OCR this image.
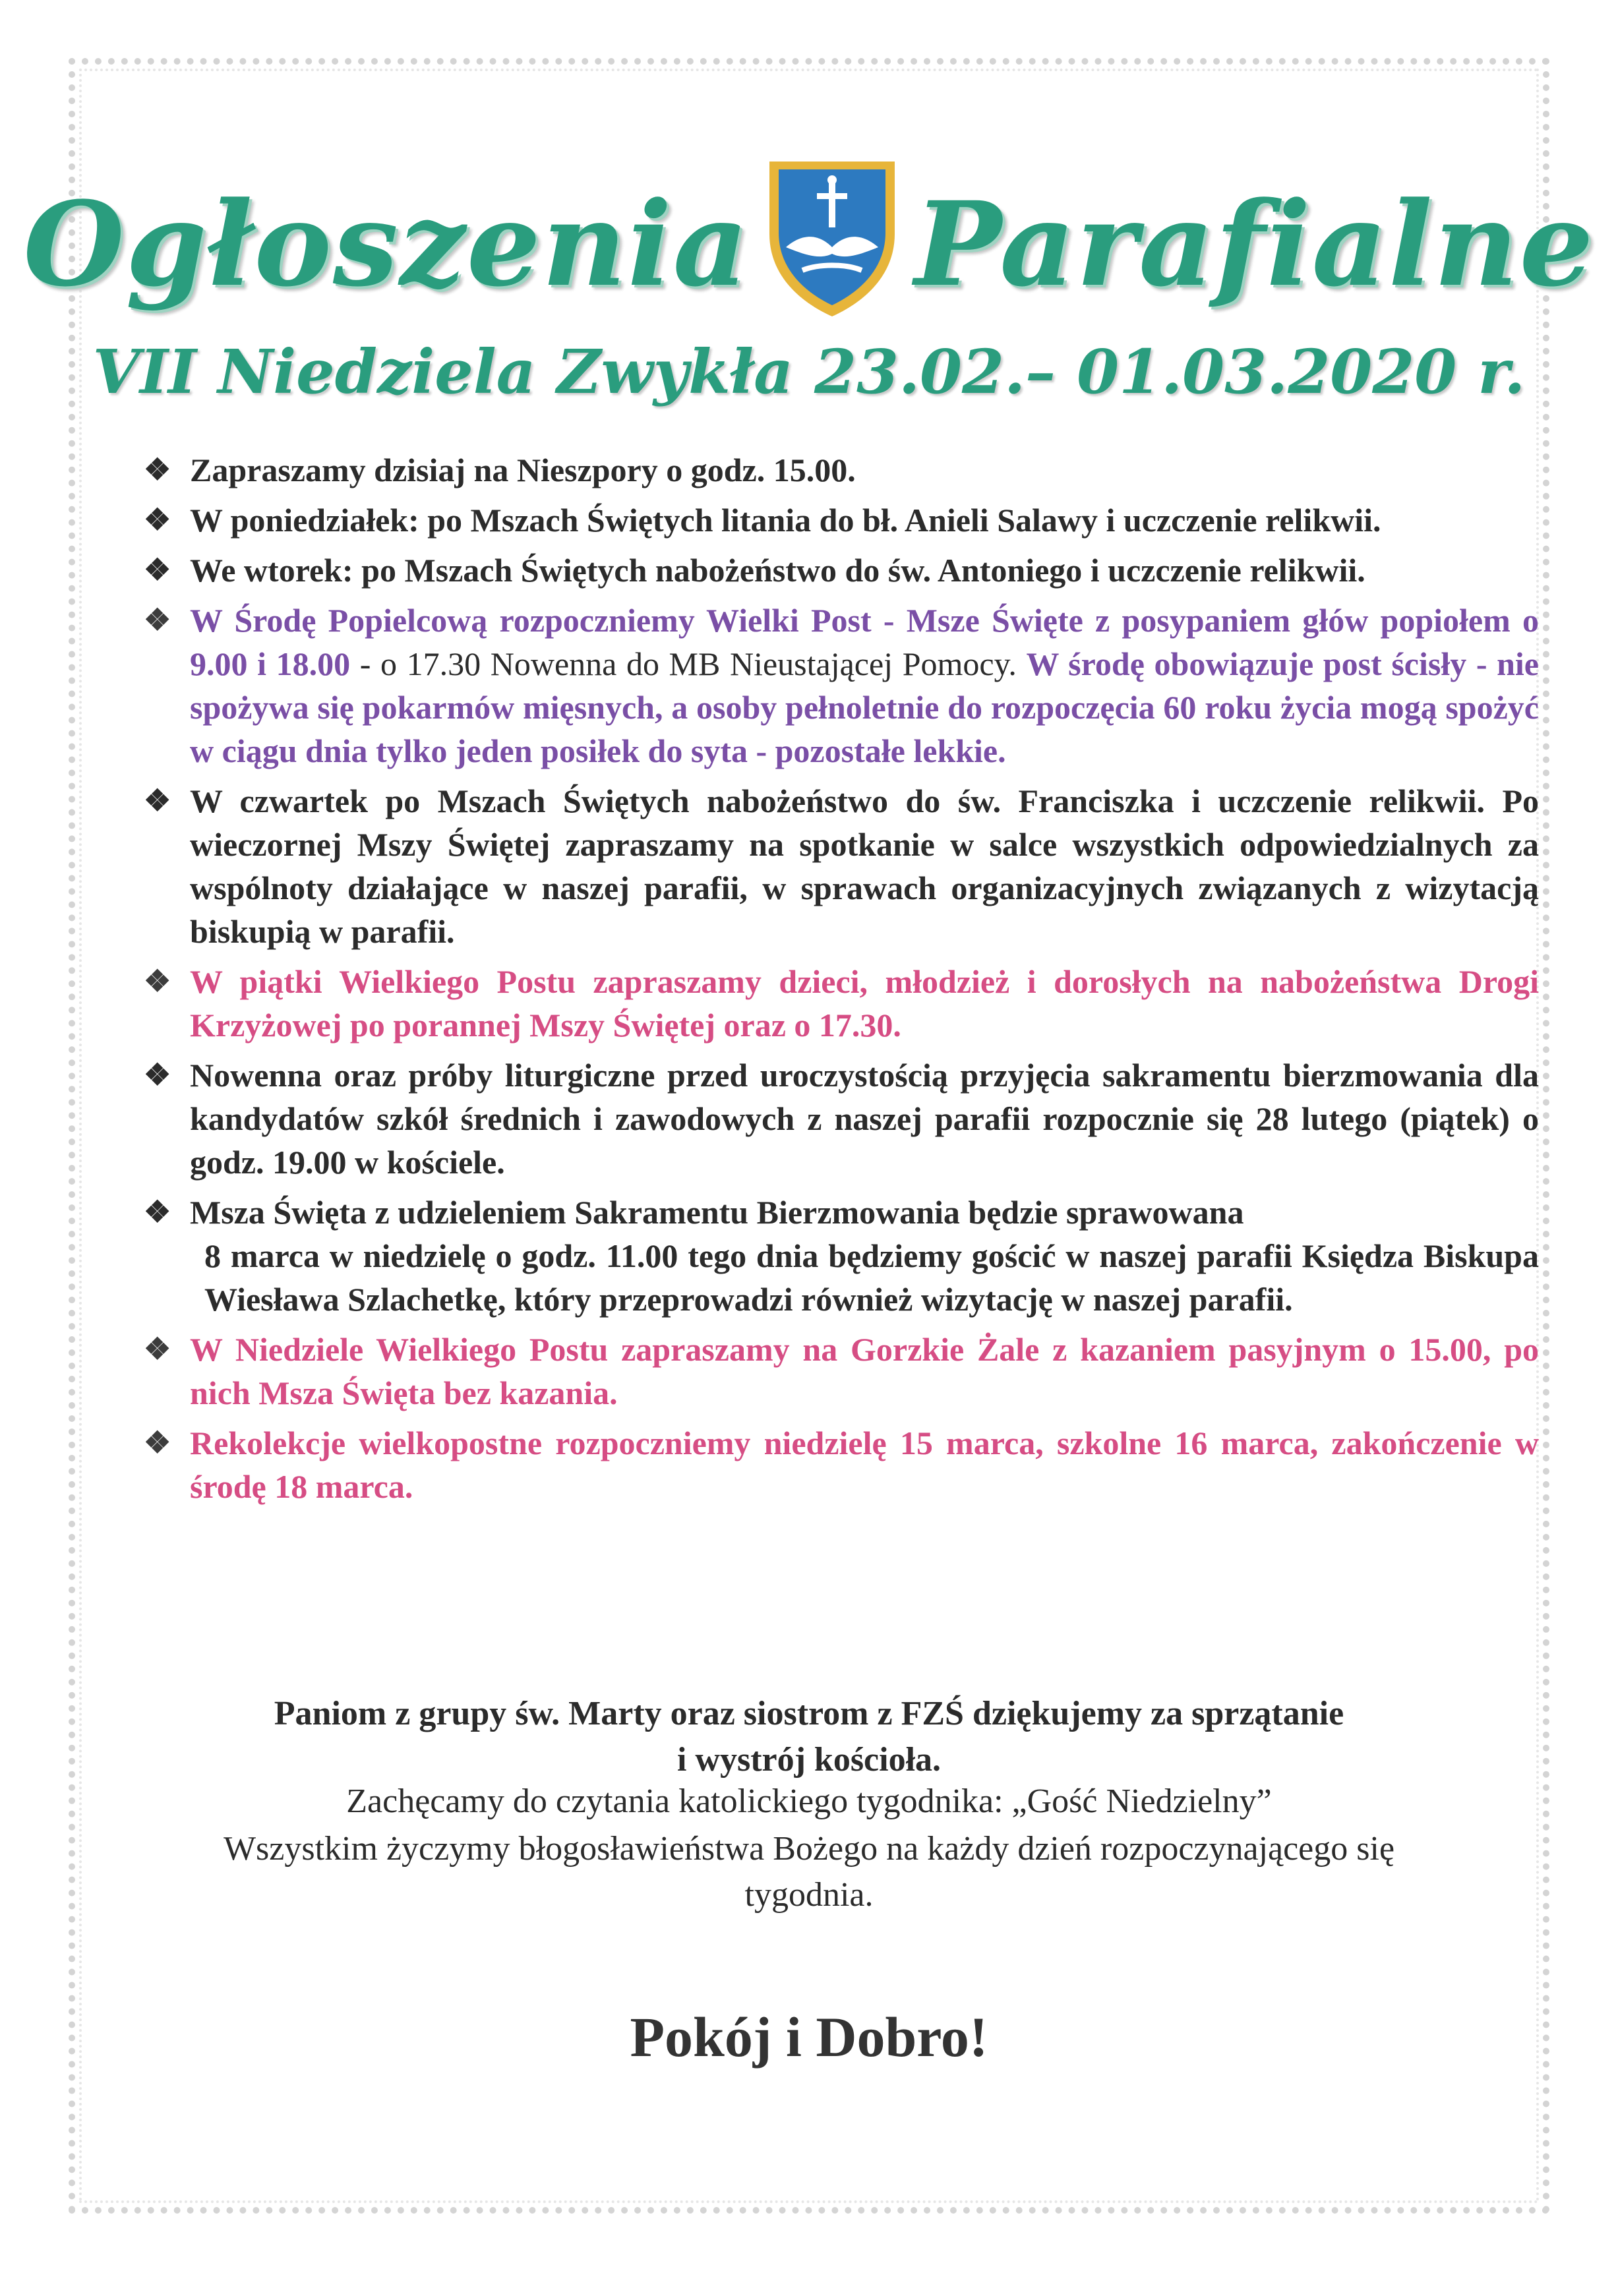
Ogłoszenia Parafialne
VII Niedziela Zwykła 23.02.– 01.03.2020 r.
❖ Zapraszamy dzisiaj na Nieszpory o godz. 15.00.
❖ W poniedziałek: po Mszach Świętych litania do bł. Anieli Salawy i uczczenie relikwii.
❖ We wtorek: po Mszach Świętych nabożeństwo do św. Antoniego i uczczenie relikwii.
❖ W Środę Popielcową rozpoczniemy Wielki Post - Msze Święte z posypaniem głów popiołem o 9.00 i 18.00 - o 17.30 Nowenna do MB Nieustającej Pomocy. W środę obowiązuje post ścisły - nie spożywa się pokarmów mięsnych, a osoby pełnoletnie do rozpoczęcia 60 roku życia mogą spożyć w ciągu dnia tylko jeden posiłek do syta - pozostałe lekkie.
❖ W czwartek po Mszach Świętych nabożeństwo do św. Franciszka i uczczenie relikwii. Po wieczornej Mszy Świętej zapraszamy na spotkanie w salce wszystkich odpowiedzialnych za wspólnoty działające w naszej parafii, w sprawach organizacyjnych związanych z wizytacją biskupią w parafii.
❖ W piątki Wielkiego Postu zapraszamy dzieci, młodzież i dorosłych na nabożeństwa Drogi Krzyżowej po porannej Mszy Świętej oraz o 17.30.
❖ Nowenna oraz próby liturgiczne przed uroczystością przyjęcia sakramentu bierzmowania dla kandydatów szkół średnich i zawodowych z naszej parafii rozpocznie się 28 lutego (piątek) o godz. 19.00 w kościele.
❖ Msza Święta z udzieleniem Sakramentu Bierzmowania będzie sprawowana
8 marca w niedzielę o godz. 11.00 tego dnia będziemy gościć w naszej parafii Księdza Biskupa Wiesława Szlachetkę, który przeprowadzi również wizytację w naszej parafii.
❖ W Niedziele Wielkiego Postu zapraszamy na Gorzkie Żale z kazaniem pasyjnym o 15.00, po nich Msza Święta bez kazania.
❖ Rekolekcje wielkopostne rozpoczniemy niedzielę 15 marca, szkolne 16 marca, zakończenie w środę 18 marca.
Paniom z grupy św. Marty oraz siostrom z FZŚ dziękujemy za sprzątanie
i wystrój kościoła.
Zachęcamy do czytania katolickiego tygodnika: „Gość Niedzielny”
Wszystkim życzymy błogosławieństwa Bożego na każdy dzień rozpoczynającego się
tygodnia.
Pokój i Dobro!
